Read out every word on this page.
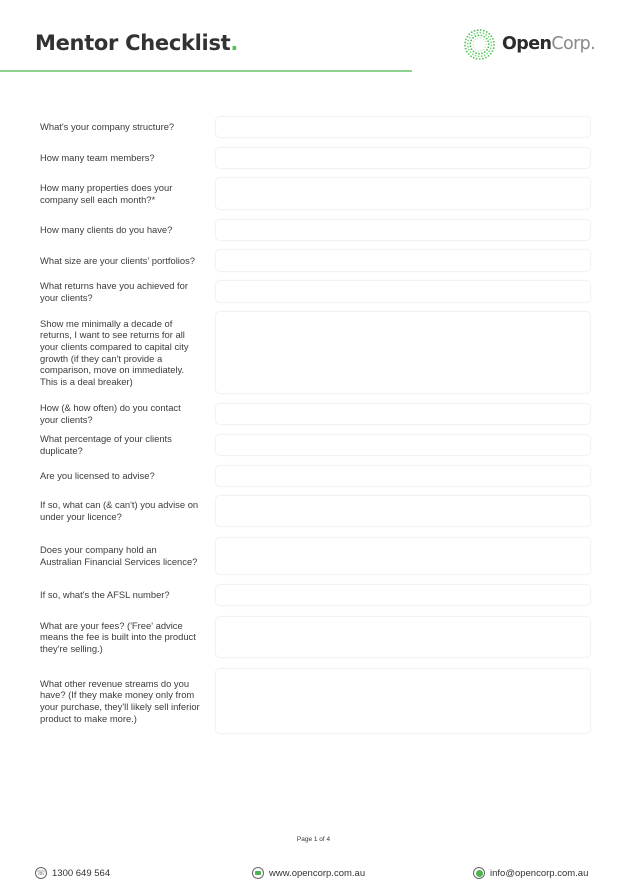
Mentor Checklist.	OpenCorp.
What's your company structure?
How many team members?
How many properties does your company sell each month?*
How many clients do you have?
What size are your clients' portfolios?
What returns have you achieved for your clients?
Show me minimally a decade of returns, I want to see returns for all your clients compared to capital city growth (if they can't provide a comparison, move on immediately. This is a deal breaker)
How (& how often) do you contact your clients?
What percentage of your clients duplicate?
Are you licensed to advise?
If so, what can (& can't) you advise on under your licence?
Does your company hold an Australian Financial Services licence?
If so, what's the AFSL number?
What are your fees? ('Free' advice means the fee is built into the product they're selling.)
What other revenue streams do you have? (If they make money only from your purchase, they'll likely sell inferior product to make more.)
Page 1 of 4
☏ 1300 649 564	www.opencorp.com.au	info@opencorp.com.au
